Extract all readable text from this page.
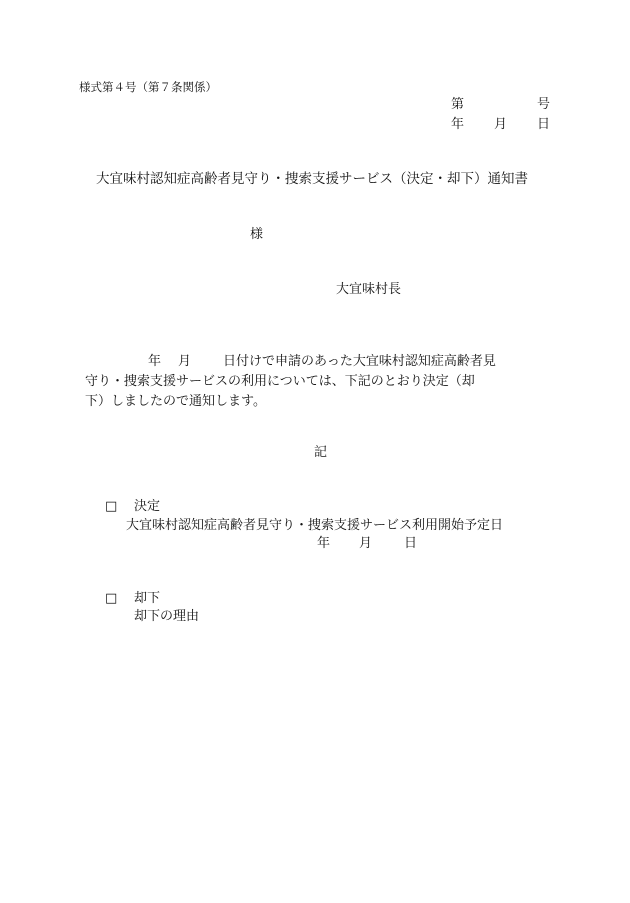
様式第４号（第７条関係）
第	号
年 月 日
大宜味村認知症高齢者見守り・捜索支援サービス（決定・却下）通知書
様
大宜味村長
年 月 日付けで申請のあった大宜味村認知症高齢者見
守り・捜索支援サービスの利用については、下記のとおり決定（却
下）しましたので通知します。
記
□ 決定
大宜味村認知症高齢者見守り・捜索支援サービス利用開始予定日
年 月 日
□ 却下
却下の理由
